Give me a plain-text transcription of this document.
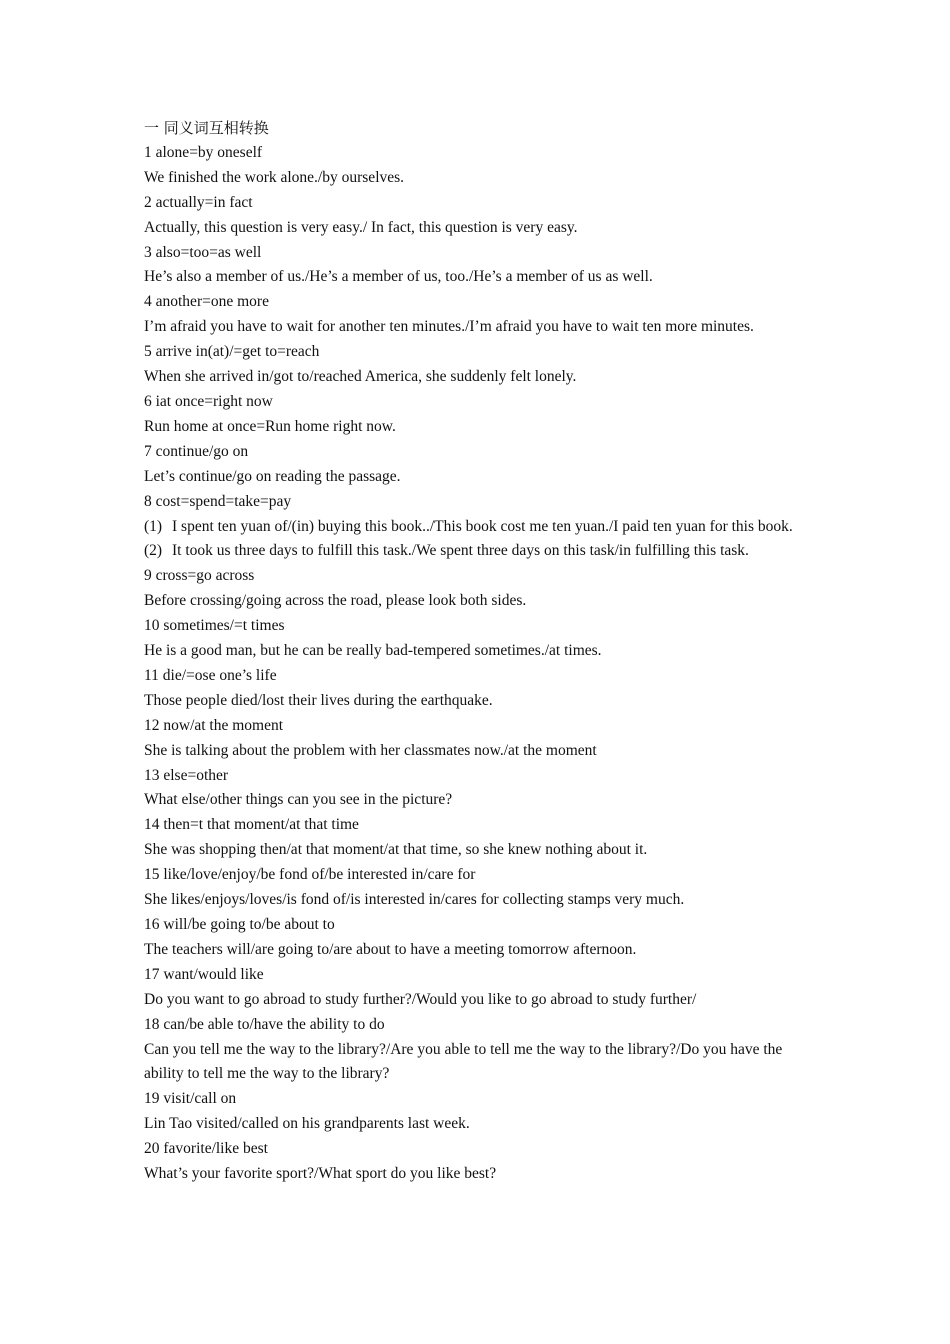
一 同义词互相转换
1 alone=by oneself
We finished the work alone./by ourselves.
2 actually=in fact
Actually, this question is very easy./ In fact, this question is very easy.
3 also=too=as well
He’s also a member of us./He’s a member of us, too./He’s a member of us as well.
4 another=one more
I’m afraid you have to wait for another ten minutes./I’m afraid you have to wait ten more minutes.
5 arrive in(at)/=get to=reach
When she arrived in/got to/reached America, she suddenly felt lonely.
6 iat once=right now
Run home at once=Run home right now.
7 continue/go on
Let’s continue/go on reading the passage.
8 cost=spend=take=pay
(1) I spent ten yuan of/(in) buying this book../This book cost me ten yuan./I paid ten yuan for this book.
(2) It took us three days to fulfill this task./We spent three days on this task/in fulfilling this task.
9 cross=go across
Before crossing/going across the road, please look both sides.
10 sometimes/=t times
He is a good man, but he can be really bad-tempered sometimes./at times.
11 die/=ose one’s life
Those people died/lost their lives during the earthquake.
12 now/at the moment
She is talking about the problem with her classmates now./at the moment
13 else=other
What else/other things can you see in the picture?
14 then=t that moment/at that time
She was shopping then/at that moment/at that time, so she knew nothing about it.
15 like/love/enjoy/be fond of/be interested in/care for
She likes/enjoys/loves/is fond of/is interested in/cares for collecting stamps very much.
16 will/be going to/be about to
The teachers will/are going to/are about to have a meeting tomorrow afternoon.
17 want/would like
Do you want to go abroad to study further?/Would you like to go abroad to study further/
18 can/be able to/have the ability to do
Can you tell me the way to the library?/Are you able to tell me the way to the library?/Do you have the ability to tell me the way to the library?
19 visit/call on
Lin Tao visited/called on his grandparents last week.
20 favorite/like best
What’s your favorite sport?/What sport do you like best?
